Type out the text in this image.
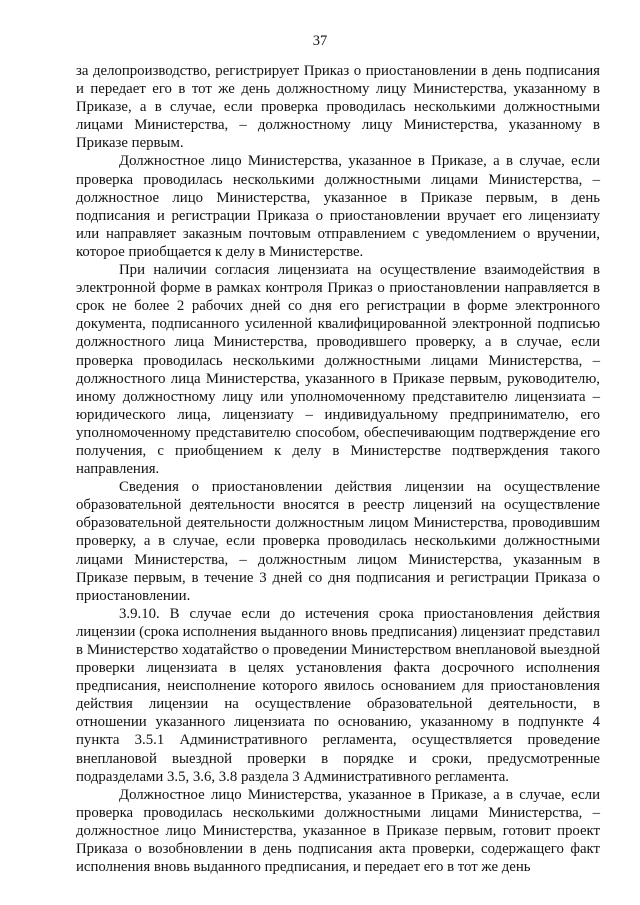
37

за делопроизводство, регистрирует Приказ о приостановлении в день подписания и передает его в тот же день должностному лицу Министерства, указанному в Приказе, а в случае, если проверка проводилась несколькими должностными лицами Министерства, – должностному лицу Министерства, указанному в Приказе первым.

Должностное лицо Министерства, указанное в Приказе, а в случае, если проверка проводилась несколькими должностными лицами Министерства, – должностное лицо Министерства, указанное в Приказе первым, в день подписания и регистрации Приказа о приостановлении вручает его лицензиату или направляет заказным почтовым отправлением с уведомлением о вручении, которое приобщается к делу в Министерстве.

При наличии согласия лицензиата на осуществление взаимодействия в электронной форме в рамках контроля Приказ о приостановлении направляется в срок не более 2 рабочих дней со дня его регистрации в форме электронного документа, подписанного усиленной квалифицированной электронной подписью должностного лица Министерства, проводившего проверку, а в случае, если проверка проводилась несколькими должностными лицами Министерства, – должностного лица Министерства, указанного в Приказе первым, руководителю, иному должностному лицу или уполномоченному представителю лицензиата – юридического лица, лицензиату – индивидуальному предпринимателю, его уполномоченному представителю способом, обеспечивающим подтверждение его получения, с приобщением к делу в Министерстве подтверждения такого направления.

Сведения о приостановлении действия лицензии на осуществление образовательной деятельности вносятся в реестр лицензий на осуществление образовательной деятельности должностным лицом Министерства, проводившим проверку, а в случае, если проверка проводилась несколькими должностными лицами Министерства, – должностным лицом Министерства, указанным в Приказе первым, в течение 3 дней со дня подписания и регистрации Приказа о приостановлении.

3.9.10. В случае если до истечения срока приостановления действия лицензии (срока исполнения выданного вновь предписания) лицензиат представил в Министерство ходатайство о проведении Министерством внеплановой выездной проверки лицензиата в целях установления факта досрочного исполнения предписания, неисполнение которого явилось основанием для приостановления действия лицензии на осуществление образовательной деятельности, в отношении указанного лицензиата по основанию, указанному в подпункте 4 пункта 3.5.1 Административного регламента, осуществляется проведение внеплановой выездной проверки в порядке и сроки, предусмотренные подразделами 3.5, 3.6, 3.8 раздела 3 Административного регламента.

Должностное лицо Министерства, указанное в Приказе, а в случае, если проверка проводилась несколькими должностными лицами Министерства, – должностное лицо Министерства, указанное в Приказе первым, готовит проект Приказа о возобновлении в день подписания акта проверки, содержащего факт исполнения вновь выданного предписания, и передает его в тот же день
